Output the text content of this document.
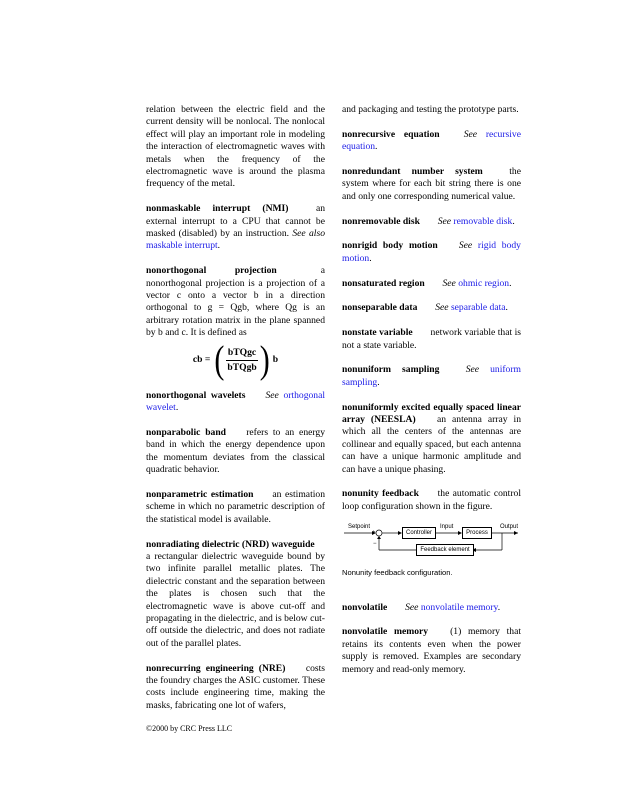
relation between the electric field and the current density will be nonlocal. The nonlocal effect will play an important role in modeling the interaction of electromagnetic waves with metals when the frequency of the electromagnetic wave is around the plasma frequency of the metal.

nonmaskable interrupt (NMI)	an external interrupt to a CPU that cannot be masked (disabled) by an instruction. See also maskable interrupt.

nonorthogonal projection	a nonorthogonal projection is a projection of a vector c onto a vector b in a direction orthogonal to g = Qgb, where Qg is an arbitrary rotation matrix in the plane spanned by b and c. It is defined as

cb = ( $\frac{\text{bTQgc}}{\text{bTQgb}}$ ) b

nonorthogonal wavelets See orthogonal wavelet.

nonparabolic band refers to an energy band in which the energy dependence upon the momentum deviates from the classical quadratic behavior.

nonparametric estimation an estimation scheme in which no parametric description of the statistical model is available.

nonradiating dielectric (NRD) waveguide
a rectangular dielectric waveguide bound by two infinite parallel metallic plates. The dielectric constant and the separation between the plates is chosen such that the electromagnetic wave is above cut-off and propagating in the dielectric, and is below cut-off outside the dielectric, and does not radiate out of the parallel plates.

nonrecurring engineering (NRE) costs the foundry charges the ASIC customer. These costs include engineering time, making the masks, fabricating one lot of wafers,

and packaging and testing the prototype parts.

nonrecursive equation	See recursive equation.

nonredundant number system	the system where for each bit string there is one and only one corresponding numerical value.

nonremovable disk See removable disk.

nonrigid body motion See rigid body motion.

nonsaturated region See ohmic region.

nonseparable data See separable data.

nonstate variable network variable that is not a state variable.

nonuniform sampling	See uniform sampling.

nonuniformly excited equally spaced linear array (NEESLA) an antenna array in which all the centers of the antennas are collinear and equally spaced, but each antenna can have a unique harmonic amplitude and can have a unique phasing.

nonunity feedback the automatic control loop configuration shown in the figure.

Setpoint
+
−
Controller
Input
Process
Output
Feedback element
Nonunity feedback configuration.

nonvolatile See nonvolatile memory.

nonvolatile memory (1) memory that retains its contents even when the power supply is removed. Examples are secondary memory and read-only memory.

©2000 by CRC Press LLC
